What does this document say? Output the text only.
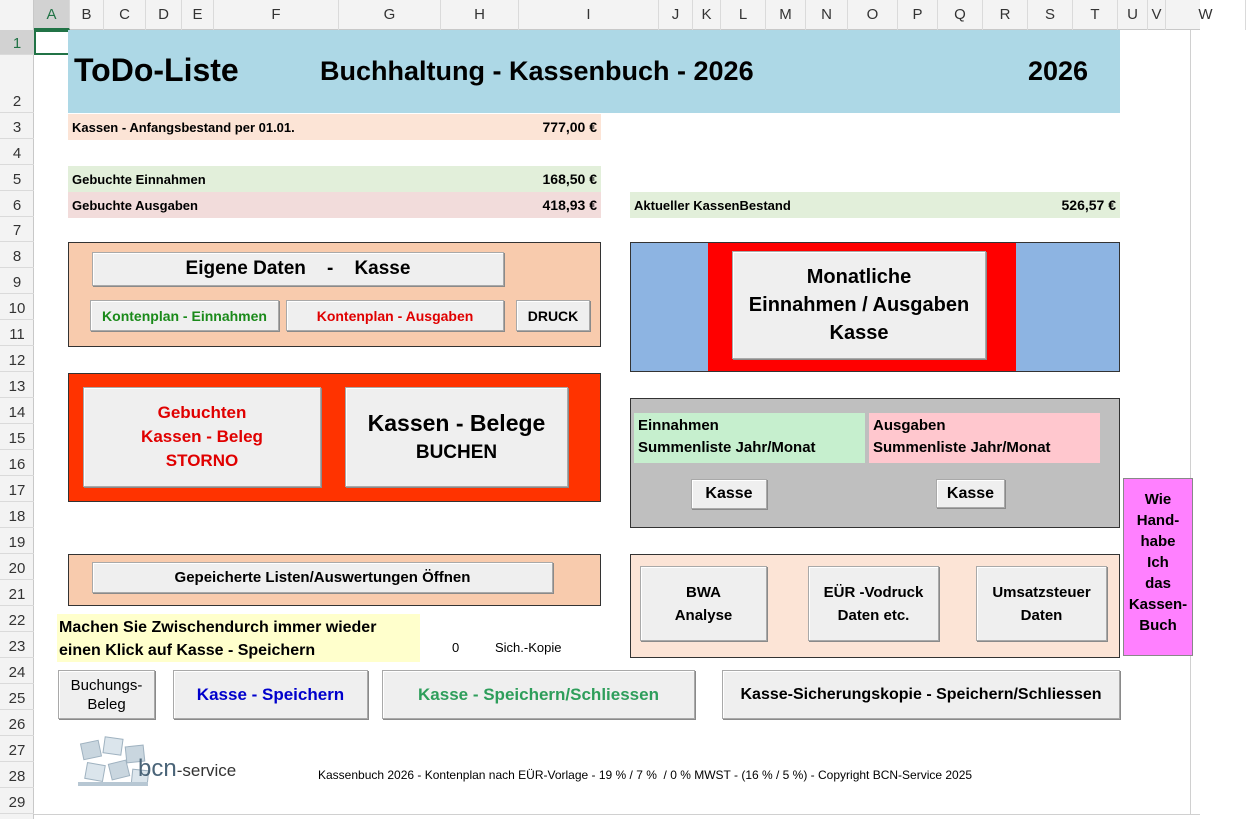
A	B	C	D	E	F	G	H	I	J	K	L	M	N	O	P	Q	R	S	T	U V	W
1
2
3
4
5
6
7
8
9
10
11
12
13
14
15
16
17
18
19
20
21
22
23
24
25
26
27
28
29
ToDo-Liste	Buchhaltung - Kassenbuch - 2026	2026
Kassen - Anfangsbestand per 01.01.	777,00 €
Gebuchte Einnahmen	168,50 €
Gebuchte Ausgaben	418,93 €	Aktueller KassenBestand	526,57 €
Eigene Daten    -    Kasse
Kontenplan - Einnahmen	Kontenplan - Ausgaben	DRUCK
Monatliche
Einnahmen / Ausgaben
Kasse
Gebuchten
Kassen - Beleg
STORNO
Kassen - Belege
BUCHEN
Einnahmen
Summenliste Jahr/Monat
Ausgaben
Summenliste Jahr/Monat
Kasse	Kasse
Gepeicherte Listen/Auswertungen Öffnen
BWA
Analyse
EÜR -Vodruck
Daten etc.
Umsatzsteuer
Daten
Wie
Hand-
habe
Ich
das
Kassen-
Buch
Machen Sie Zwischendurch immer wieder
einen Klick auf Kasse - Speichern	0	Sich.-Kopie
Buchungs-
Beleg
Kasse - Speichern	Kasse - Speichern/Schliessen	Kasse-Sicherungskopie - Speichern/Schliessen
bcn-service	Kassenbuch 2026 - Kontenplan nach EÜR-Vorlage - 19 % / 7 %  / 0 % MWST - (16 % / 5 %) - Copyright BCN-Service 2025
